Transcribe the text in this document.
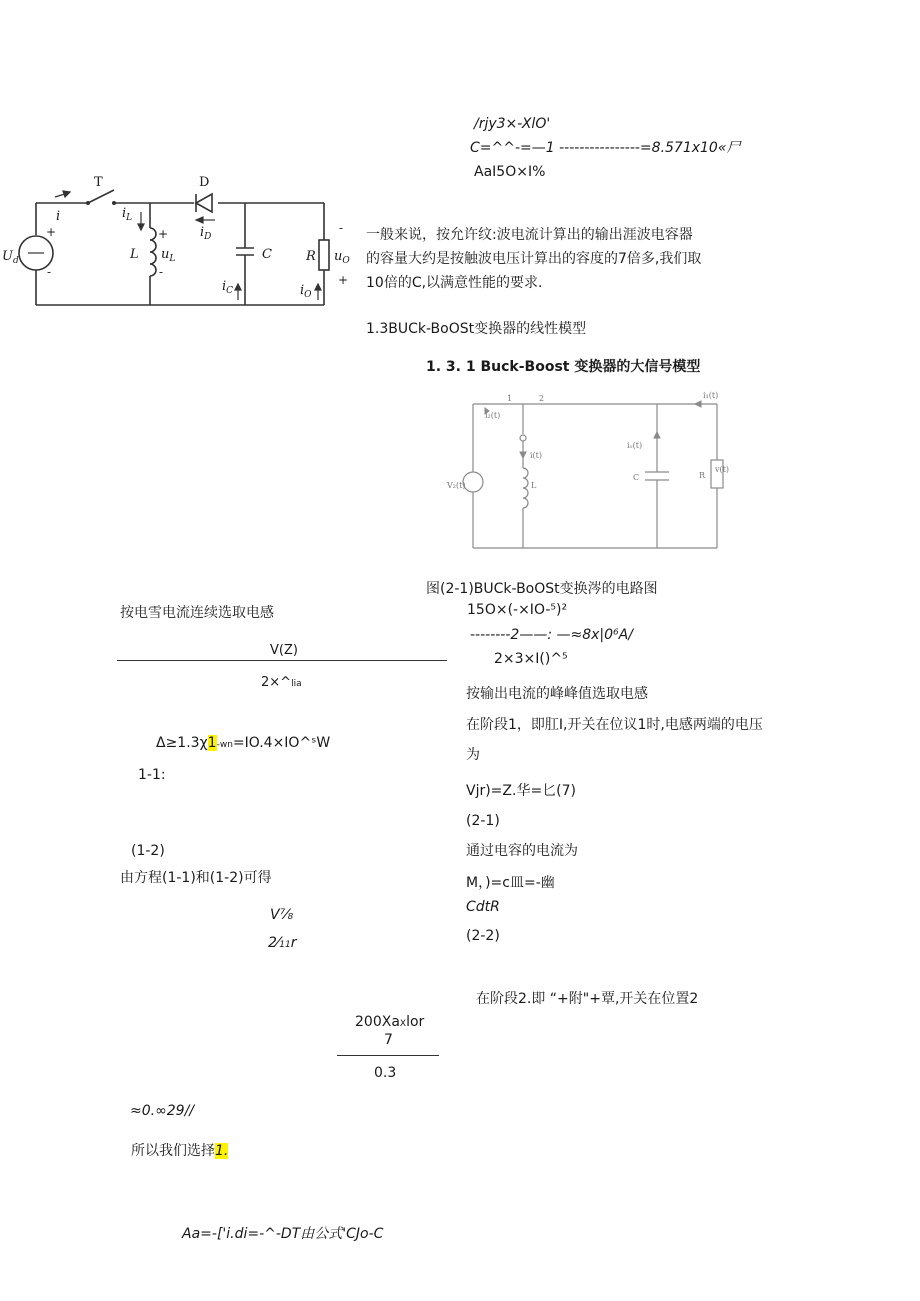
/rjy3×-XlO'
C=^^-=—1 ----------------=8.571x10«尸
AaI5O×I%
一般来说，按允许纹:波电流计算出的输出涯波电容器
的容量大约是按触波电压计算出的容度的7倍多,我们取
10倍的C,以满意性能的要求.
1.3BUCk-BoOSt变换器的线性模型
1. 3. 1 Buck-Boost 变换器的大信号模型
T	D
i	$i_L$
$i_D$
L $u_L$	C
$i_C$
R $u_O$
$i_O$
$U_d$
+
-
+
-
-
+
i₂(t)
1	2	i₁(t)
i(t)
L
iₒ(t)
C	R
v(t)
V₂(t)
图(2-1)BUCk-BoOSt变换涔的电路图
15O×(-×IO-⁵)²
--------2——: —≈8x|0⁶A/
2×3×I()^⁵
按电雪电流连续选取电感
V(Z)
2×^lia
Δ≥1.3χ1-wn=IO.4×IO^ˢW
1-1:
(1-2)
由方程(1-1)和(1-2)可得
V⅞
2⁄11r
200XaXlor
7
0.3
≈0.∞29//
所以我们选择1.
Aa=-['i.di=-^-DT由公式'CJo-C
按输出电流的峰峰值选取电感
在阶段1，即肛I,开关在位议1时,电感两端的电压
为
Vjr)=Z.华=匕(7)
(2-1)
通过电容的电流为
M，)=c皿=-幽
CdtR
(2-2)
在阶段2.即 “+附"+覃,开关在位置2
